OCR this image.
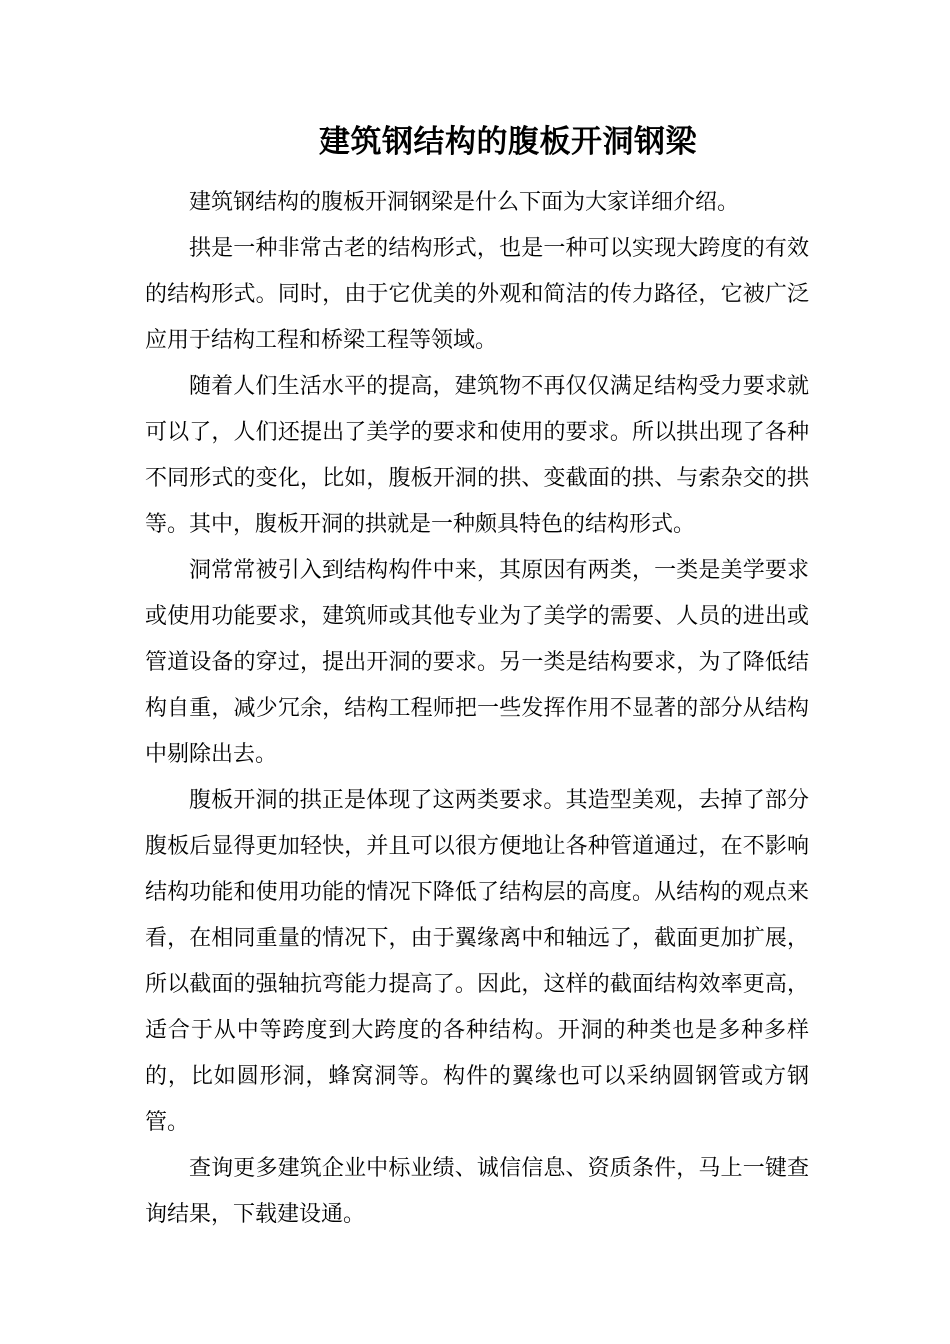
建筑钢结构的腹板开洞钢梁

建筑钢结构的腹板开洞钢梁是什么下面为大家详细介绍。

拱是一种非常古老的结构形式，也是一种可以实现大跨度的有效的结构形式。同时，由于它优美的外观和简洁的传力路径，它被广泛应用于结构工程和桥梁工程等领域。

随着人们生活水平的提高，建筑物不再仅仅满足结构受力要求就可以了，人们还提出了美学的要求和使用的要求。所以拱出现了各种不同形式的变化，比如，腹板开洞的拱、变截面的拱、与索杂交的拱等。其中，腹板开洞的拱就是一种颇具特色的结构形式。

洞常常被引入到结构构件中来，其原因有两类，一类是美学要求或使用功能要求，建筑师或其他专业为了美学的需要、人员的进出或管道设备的穿过，提出开洞的要求。另一类是结构要求，为了降低结构自重，减少冗余，结构工程师把一些发挥作用不显著的部分从结构中剔除出去。

腹板开洞的拱正是体现了这两类要求。其造型美观，去掉了部分腹板后显得更加轻快，并且可以很方便地让各种管道通过，在不影响结构功能和使用功能的情况下降低了结构层的高度。从结构的观点来看，在相同重量的情况下，由于翼缘离中和轴远了，截面更加扩展，所以截面的强轴抗弯能力提高了。因此，这样的截面结构效率更高，适合于从中等跨度到大跨度的各种结构。开洞的种类也是多种多样的，比如圆形洞，蜂窝洞等。构件的翼缘也可以采纳圆钢管或方钢管。

查询更多建筑企业中标业绩、诚信信息、资质条件，马上一键查询结果，下载建设通。
